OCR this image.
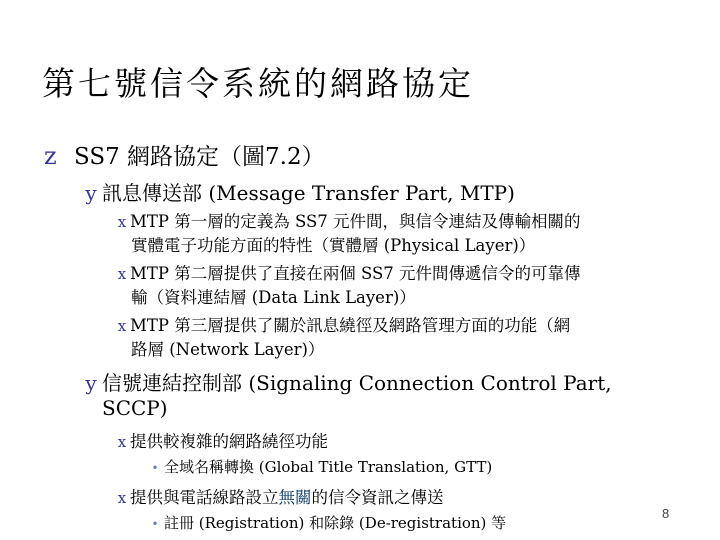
第七號信令系統的網路協定
z SS7 網路協定（圖7.2）
y 訊息傳送部 (Message Transfer Part, MTP)
x MTP 第一層的定義為 SS7 元件間，與信令連結及傳輸相關的
實體電子功能方面的特性（實體層 (Physical Layer)）
x MTP 第二層提供了直接在兩個 SS7 元件間傳遞信令的可靠傳
輸（資料連結層 (Data Link Layer)）
x MTP 第三層提供了關於訊息繞徑及網路管理方面的功能（網
路層 (Network Layer)）
y 信號連結控制部 (Signaling Connection Control Part,
SCCP)
x 提供較複雜的網路繞徑功能
• 全域名稱轉換 (Global Title Translation, GTT)
x 提供與電話線路設立無關的信令資訊之傳送
• 註冊 (Registration) 和除錄 (De-registration) 等
8
